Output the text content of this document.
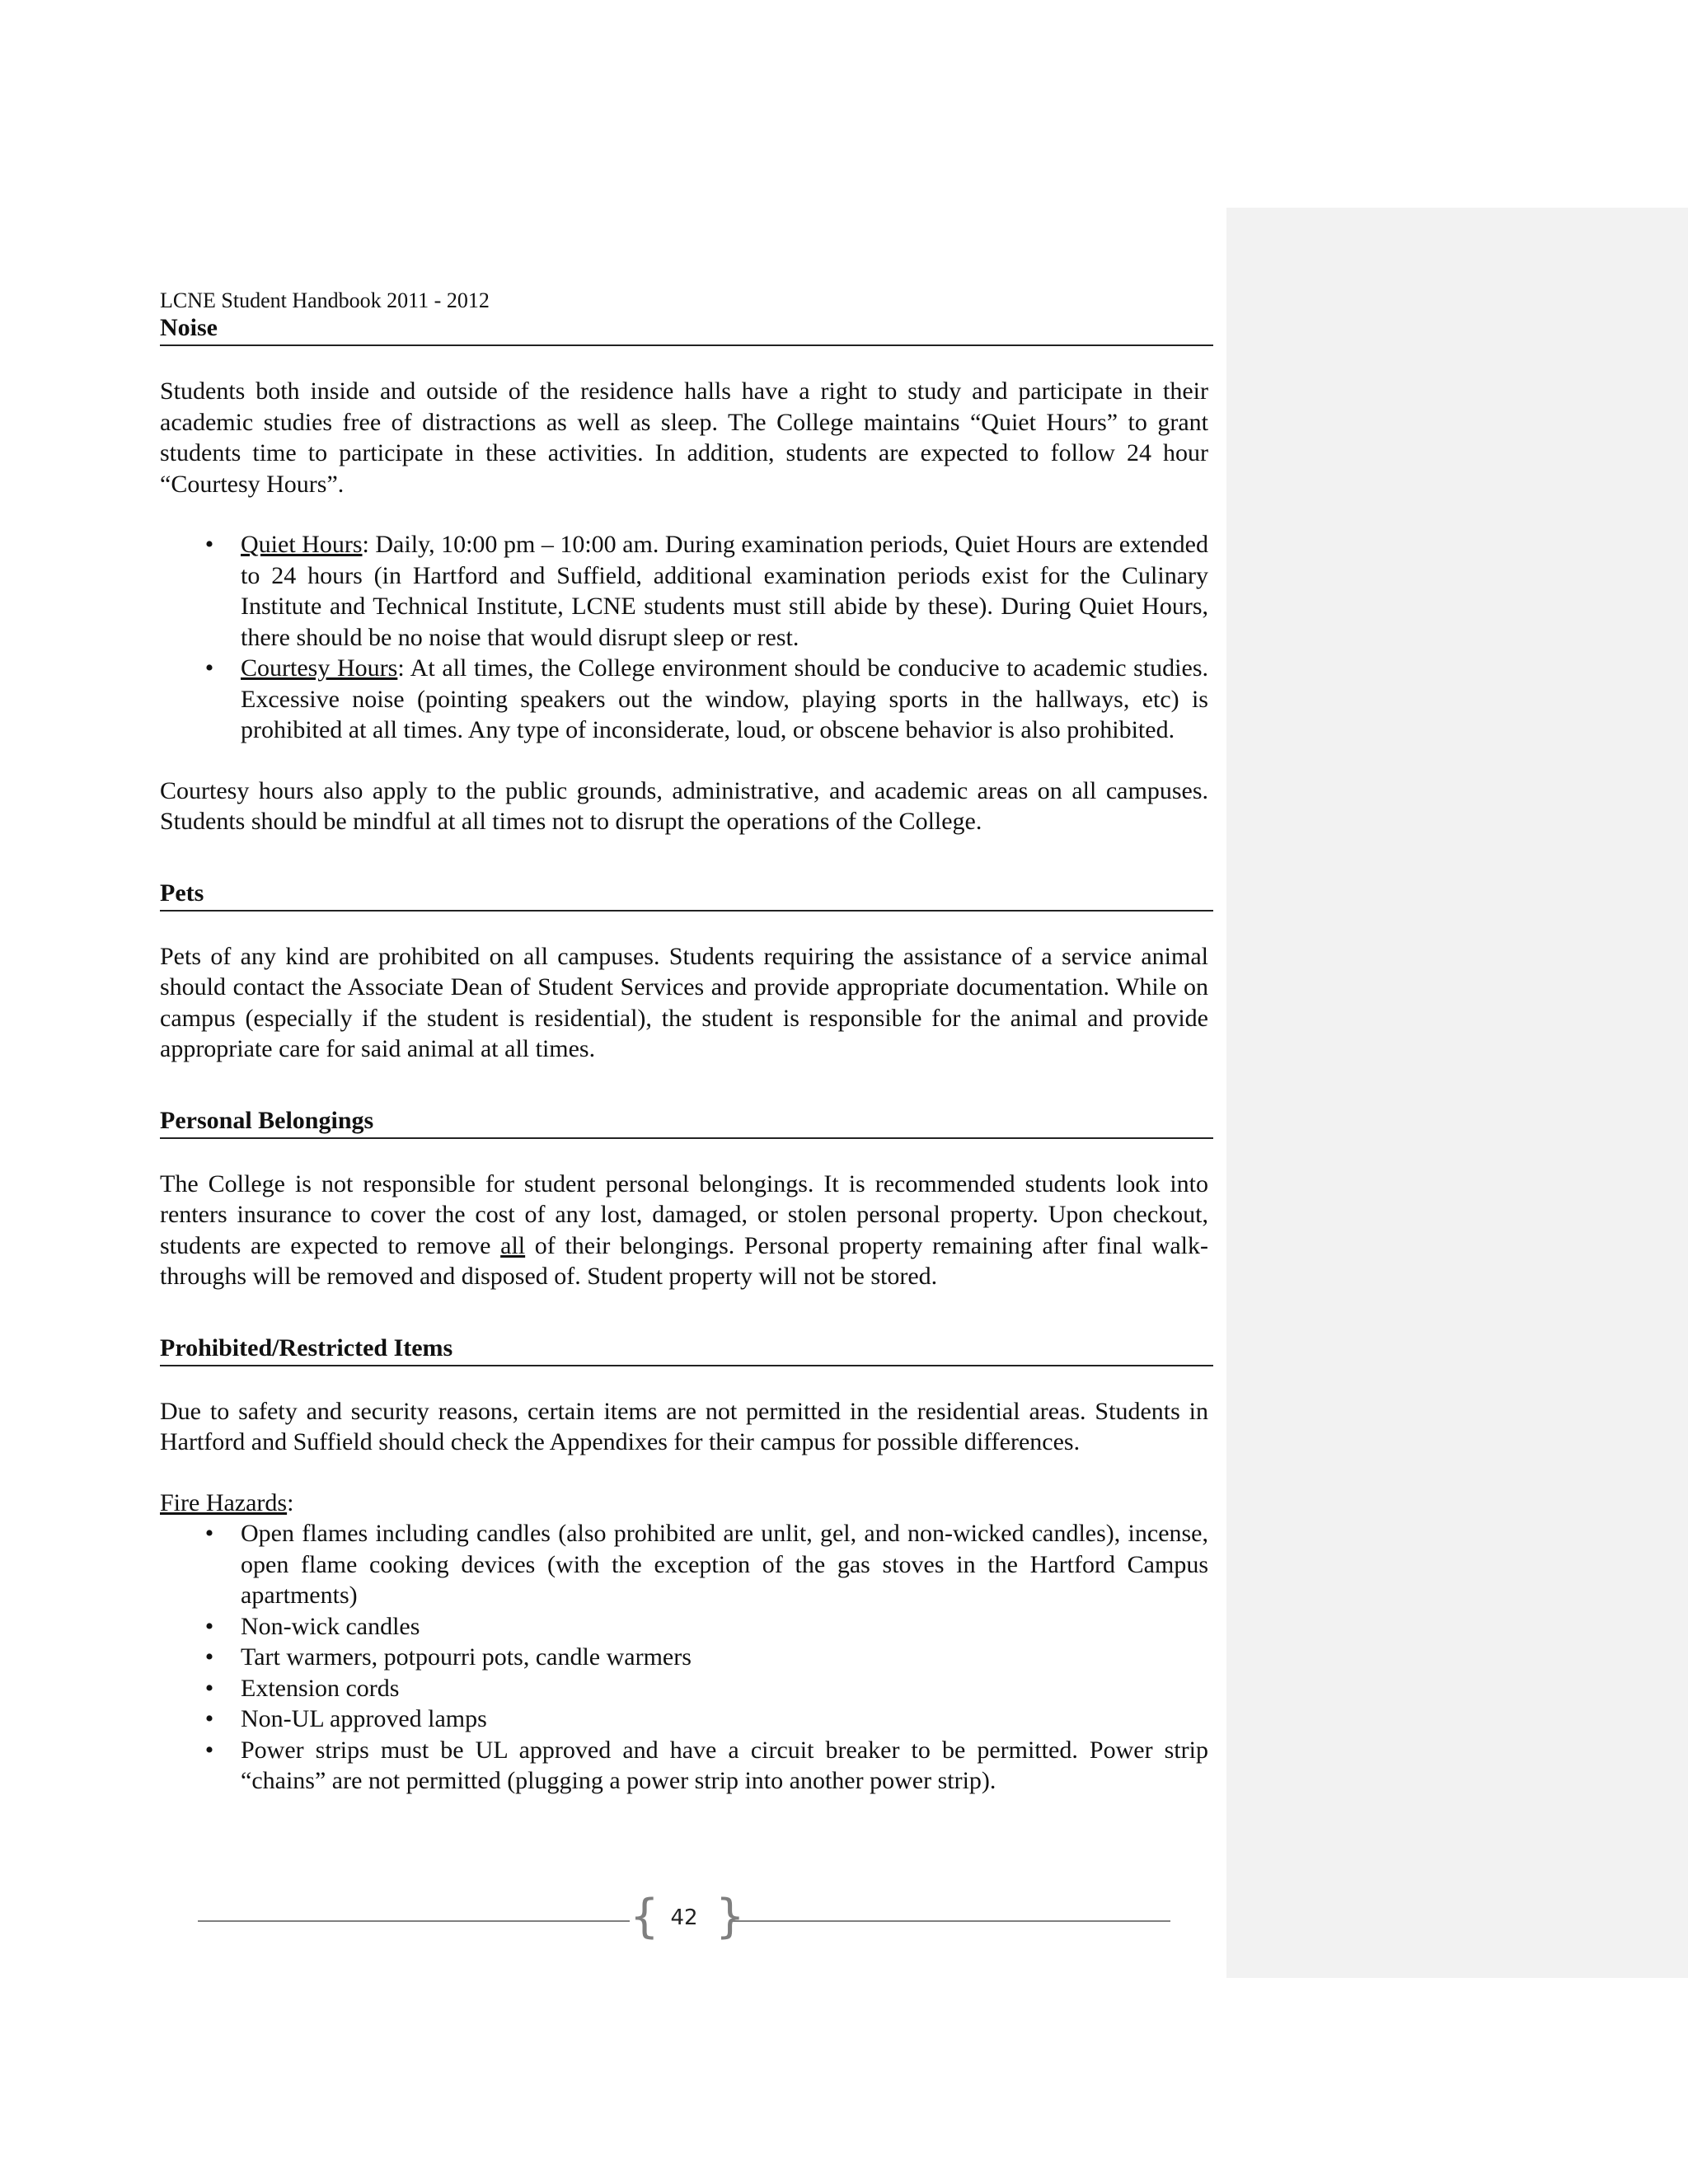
LCNE Student Handbook 2011 - 2012
Noise

Students both inside and outside of the residence halls have a right to study and participate in their academic studies free of distractions as well as sleep. The College maintains “Quiet Hours” to grant students time to participate in these activities. In addition, students are expected to follow 24 hour “Courtesy Hours”.

• Quiet Hours: Daily, 10:00 pm – 10:00 am. During examination periods, Quiet Hours are extended to 24 hours (in Hartford and Suffield, additional examination periods exist for the Culinary Institute and Technical Institute, LCNE students must still abide by these). During Quiet Hours, there should be no noise that would disrupt sleep or rest.
• Courtesy Hours: At all times, the College environment should be conducive to academic studies. Excessive noise (pointing speakers out the window, playing sports in the hallways, etc) is prohibited at all times. Any type of inconsiderate, loud, or obscene behavior is also prohibited.

Courtesy hours also apply to the public grounds, administrative, and academic areas on all campuses. Students should be mindful at all times not to disrupt the operations of the College.

Pets

Pets of any kind are prohibited on all campuses. Students requiring the assistance of a service animal should contact the Associate Dean of Student Services and provide appropriate documentation. While on campus (especially if the student is residential), the student is responsible for the animal and provide appropriate care for said animal at all times.

Personal Belongings

The College is not responsible for student personal belongings. It is recommended students look into renters insurance to cover the cost of any lost, damaged, or stolen personal property. Upon checkout, students are expected to remove all of their belongings. Personal property remaining after final walk-throughs will be removed and disposed of. Student property will not be stored.

Prohibited/Restricted Items

Due to safety and security reasons, certain items are not permitted in the residential areas. Students in Hartford and Suffield should check the Appendixes for their campus for possible differences.

Fire Hazards:

• Open flames including candles (also prohibited are unlit, gel, and non-wicked candles), incense, open flame cooking devices (with the exception of the gas stoves in the Hartford Campus apartments)
• Non-wick candles
• Tart warmers, potpourri pots, candle warmers
• Extension cords
• Non-UL approved lamps
• Power strips must be UL approved and have a circuit breaker to be permitted. Power strip “chains” are not permitted (plugging a power strip into another power strip).
{ 42 }
